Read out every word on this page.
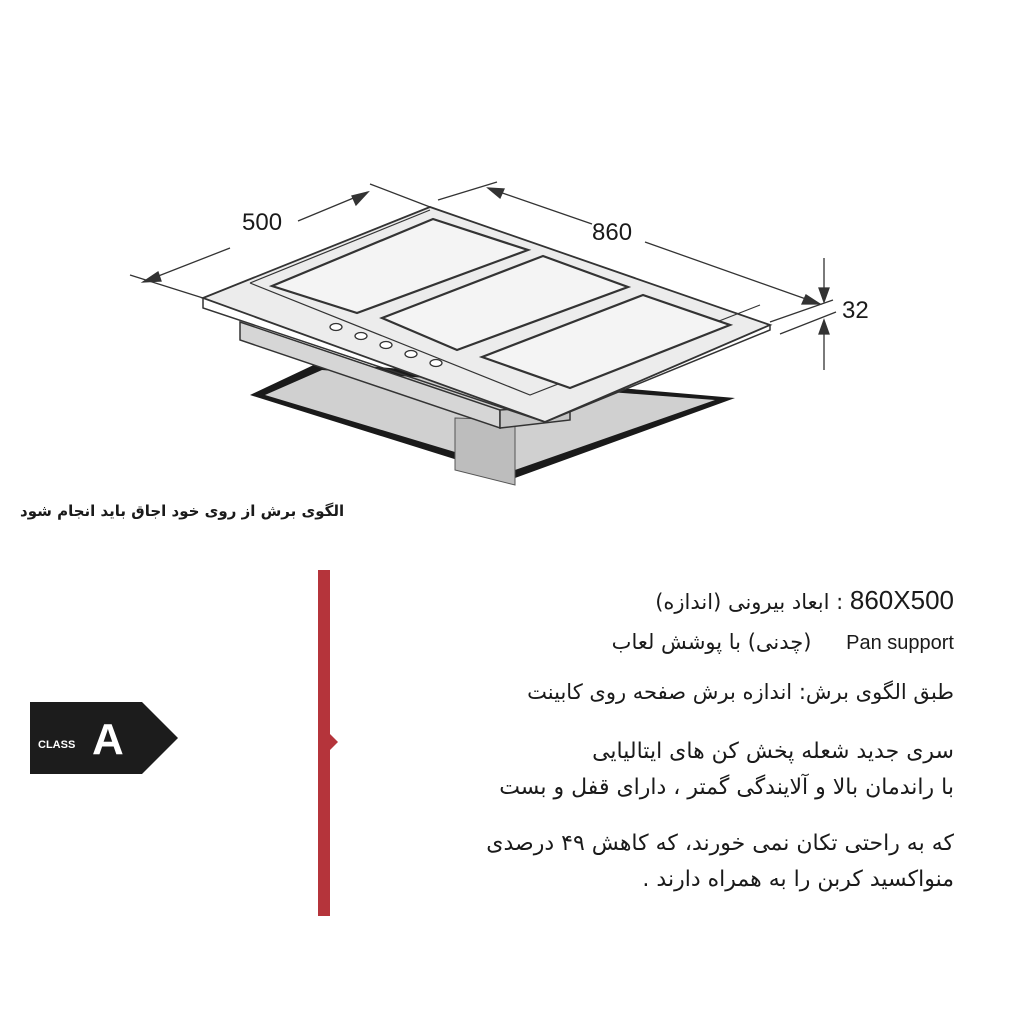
500	860
32
الگوی برش از روی خود اجاق باید انجام شود
CLASS A
: ابعاد بیرونی (اندازه) 860X500
(چدنی) با پوشش لعاب Pan support
طبق الگوی برش: اندازه برش صفحه روی کابینت
سری جدید شعله پخش کن های ایتالیایی
با راندمان بالا و آلایندگی گمتر ، دارای قفل و بست
که به راحتی تکان نمی خورند، که کاهش ۴۹ درصدی
منواکسید کربن را به همراه دارند .
